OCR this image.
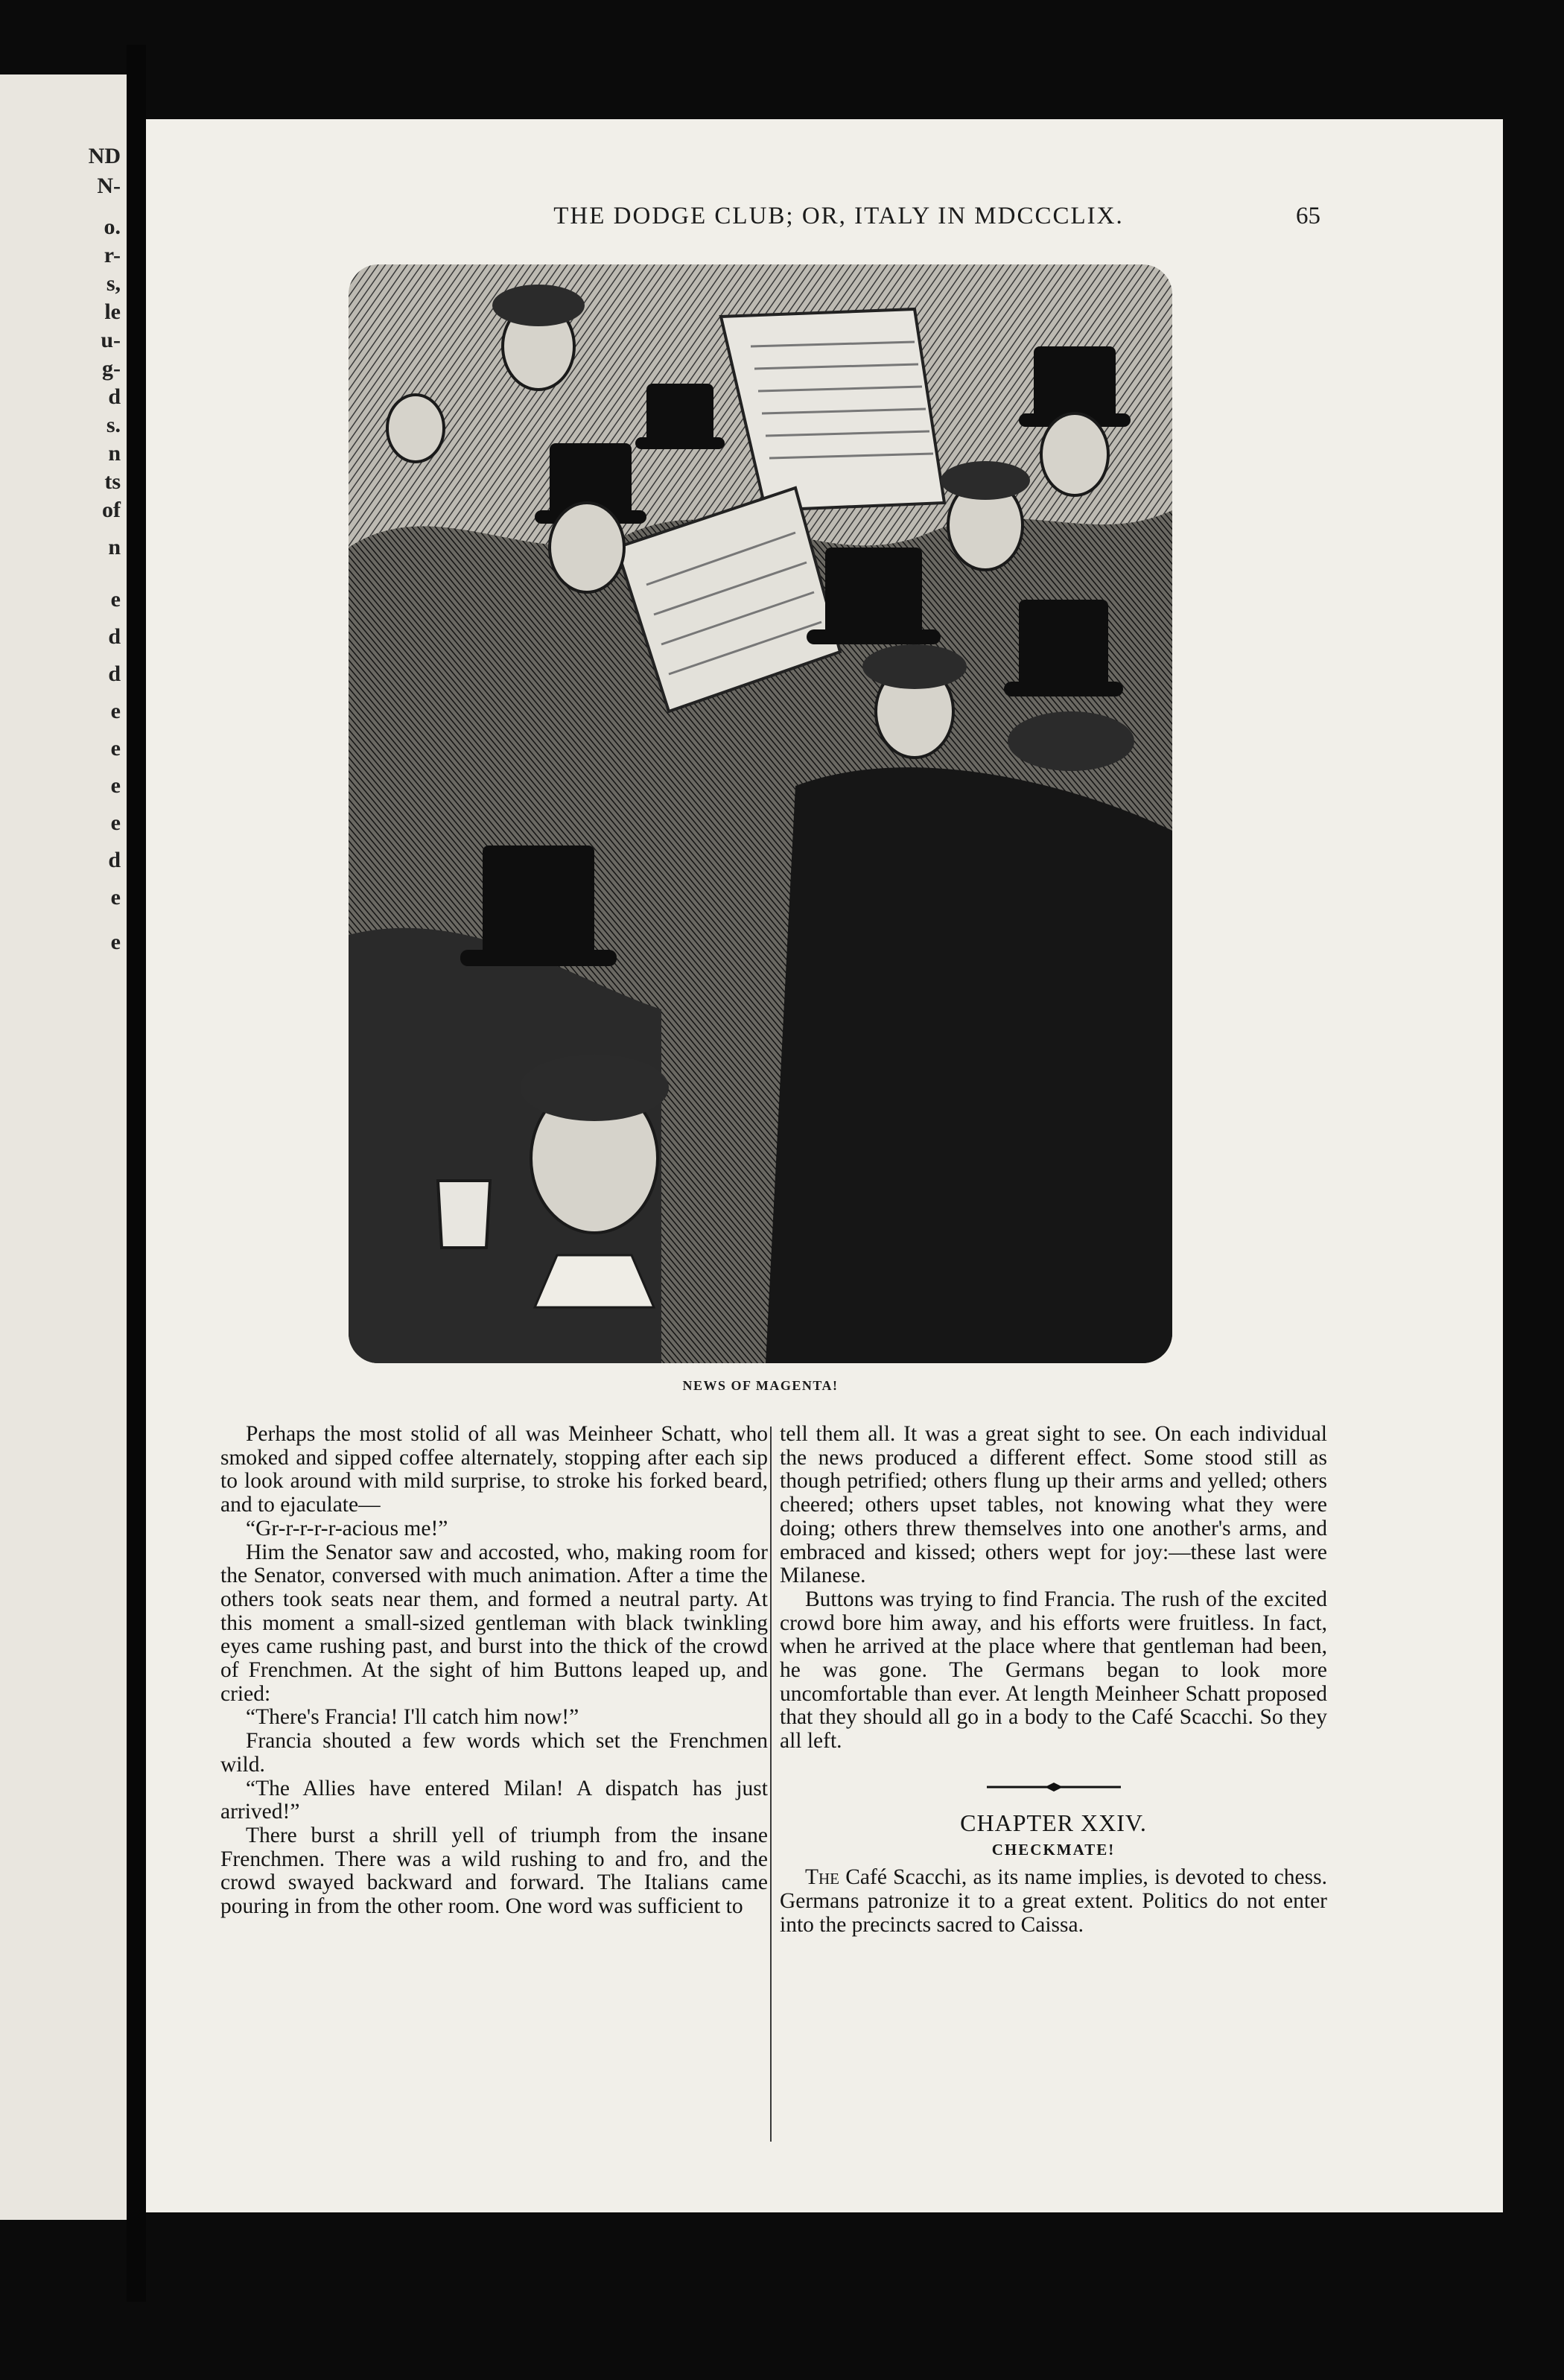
ND
N-
o.
r-
s,
le
u-
g-
d
s.
n
ts
of
n
e
d
d
e
e
e
e
d
e
e
THE DODGE CLUB; OR, ITALY IN MDCCCLIX.	65
NEWS OF MAGENTA!

Perhaps the most stolid of all was Meinheer Schatt, who smoked and sipped coffee alternately, stopping after each sip to look around with mild surprise, to stroke his forked beard, and to ejaculate—

“Gr-r-r-r-r-acious me!”

Him the Senator saw and accosted, who, making room for the Senator, conversed with much animation. After a time the others took seats near them, and formed a neutral party. At this moment a small-sized gentleman with black twinkling eyes came rushing past, and burst into the thick of the crowd of Frenchmen. At the sight of him Buttons leaped up, and cried:

“There's Francia! I'll catch him now!”

Francia shouted a few words which set the Frenchmen wild.

“The Allies have entered Milan! A dispatch has just arrived!”

There burst a shrill yell of triumph from the insane Frenchmen. There was a wild rushing to and fro, and the crowd swayed backward and forward. The Italians came pouring in from the other room. One word was sufficient to

tell them all. It was a great sight to see. On each individual the news produced a different effect. Some stood still as though petrified; others flung up their arms and yelled; others cheered; others upset tables, not knowing what they were doing; others threw themselves into one another's arms, and embraced and kissed; others wept for joy:—these last were Milanese.

Buttons was trying to find Francia. The rush of the excited crowd bore him away, and his efforts were fruitless. In fact, when he arrived at the place where that gentleman had been, he was gone. The Germans began to look more uncomfortable than ever. At length Meinheer Schatt proposed that they should all go in a body to the Café Scacchi. So they all left.

CHAPTER XXIV.
CHECKMATE!

The Café Scacchi, as its name implies, is devoted to chess. Germans patronize it to a great extent. Politics do not enter into the precincts sacred to Caissa.
